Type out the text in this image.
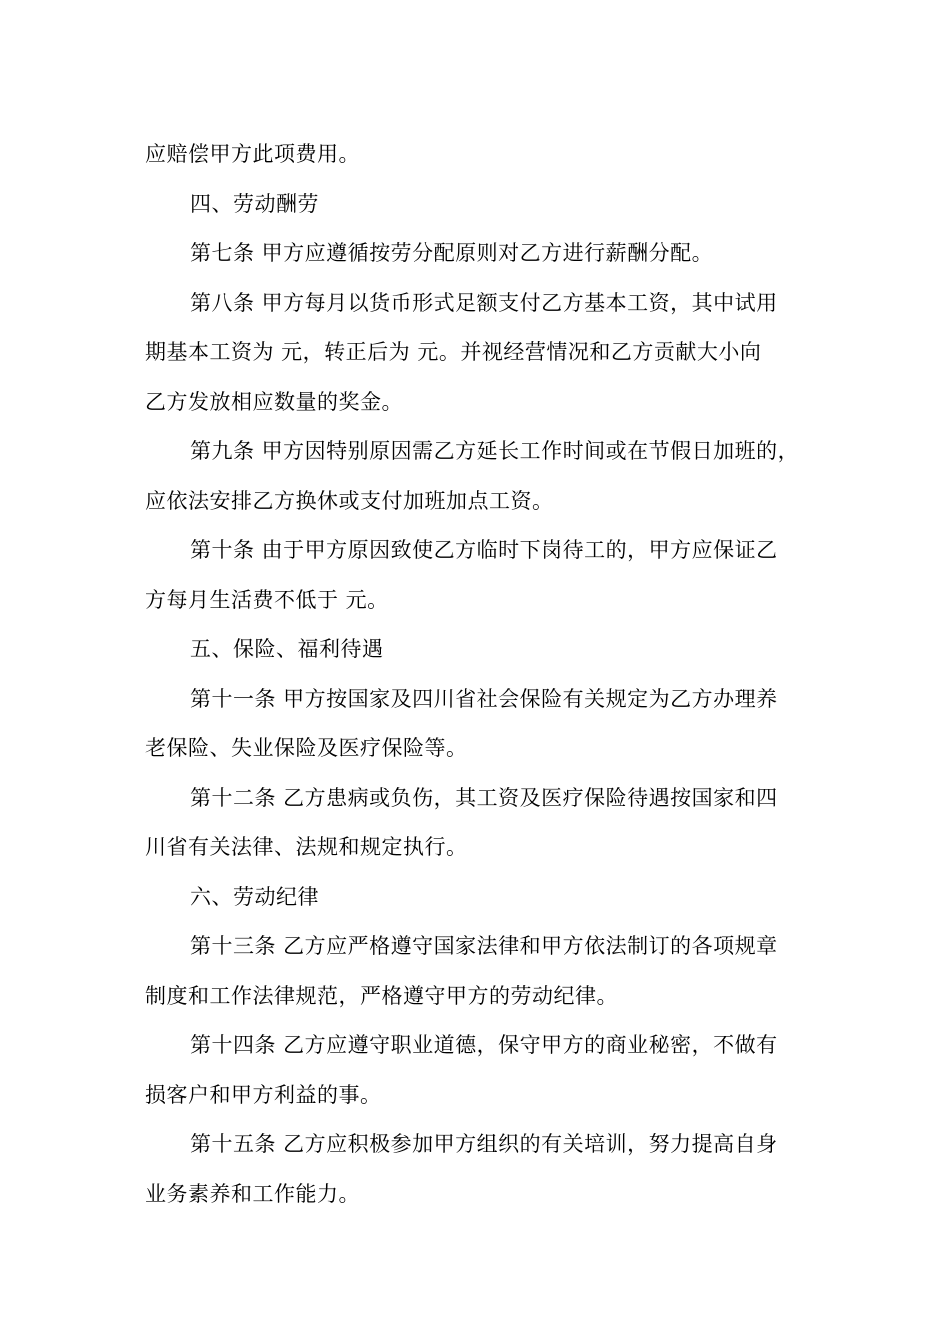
应赔偿甲方此项费用。
四、劳动酬劳
第七条 甲方应遵循按劳分配原则对乙方进行薪酬分配。
第八条 甲方每月以货币形式足额支付乙方基本工资，其中试用
期基本工资为 元，转正后为 元。并视经营情况和乙方贡献大小向
乙方发放相应数量的奖金。
第九条 甲方因特别原因需乙方延长工作时间或在节假日加班的，
应依法安排乙方换休或支付加班加点工资。
第十条 由于甲方原因致使乙方临时下岗待工的，甲方应保证乙
方每月生活费不低于 元。
五、保险、福利待遇
第十一条 甲方按国家及四川省社会保险有关规定为乙方办理养
老保险、失业保险及医疗保险等。
第十二条 乙方患病或负伤，其工资及医疗保险待遇按国家和四
川省有关法律、法规和规定执行。
六、劳动纪律
第十三条 乙方应严格遵守国家法律和甲方依法制订的各项规章
制度和工作法律规范，严格遵守甲方的劳动纪律。
第十四条 乙方应遵守职业道德，保守甲方的商业秘密，不做有
损客户和甲方利益的事。
第十五条 乙方应积极参加甲方组织的有关培训，努力提高自身
业务素养和工作能力。
